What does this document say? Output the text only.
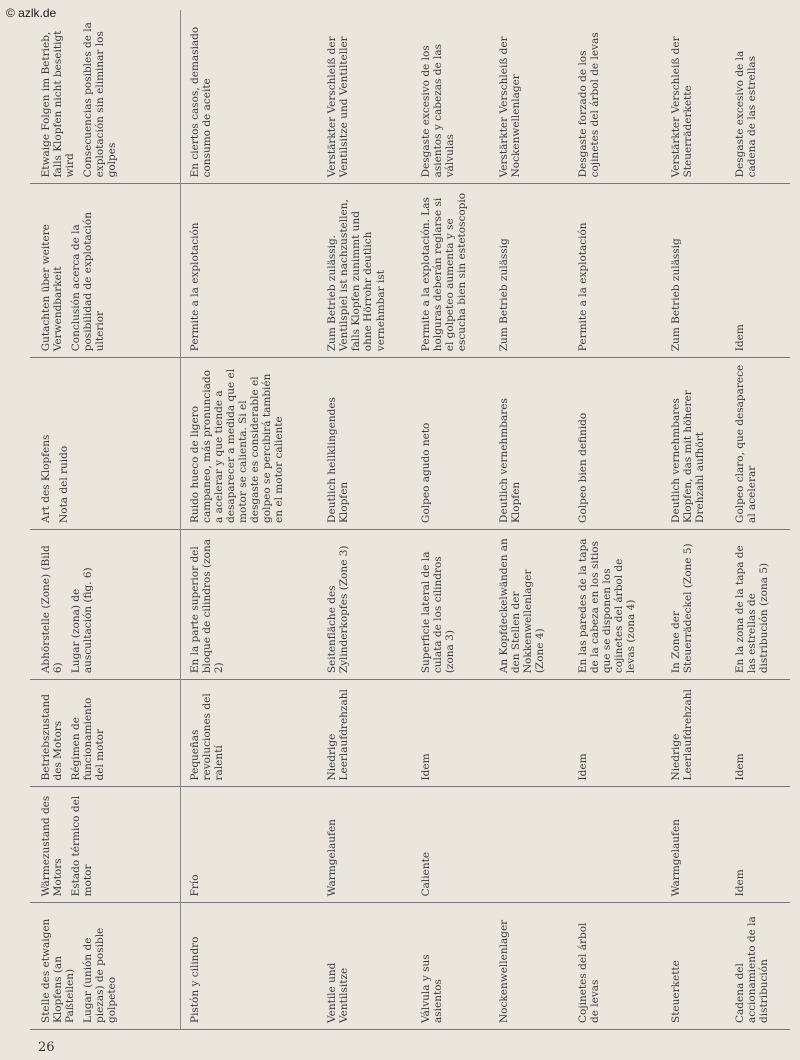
© azlk.de
26
Stelle des etwaigen Klopfens (an Paßteilen) Lugar (unión de piezas) de posible golpeteo	Wärmezustand des Motors Estado térmico del motor	Betriebszustand des Motors Régimen de funcionamiento del motor	Abhörstelle (Zone) (Bild 6) Lugar (zona) de auscultación (fig. 6)	Art des Klopfens Nota del ruido	Gutachten über weitere Verwendbarkeit Conclusión acerca de la posibilidad de explotación ulterior	Etwaige Folgen im Betrieb, falls Klopfen nicht beseitigt wird Consecuencias posibles de la explotación sin eliminar los golpes

Pistón y cilindro	Frío	Pequeñas revoluciones del ralentí	En la parte superior del bloque de cilindros (zona 2)	Ruido hueco de ligero campaneo, más pronunciado a acelerar y que tiende a desaparecer a medida que el motor se calienta. Si el desgaste es considerable el golpeo se percibirá también en el motor caliente	Permite a la explotación	En ciertos casos, demasiado consumo de aceite
Ventile und Ventilsitze	Warmgelaufen	Niedrige Leerlaufdrehzahl	Seitenfläche des Zylinderkopfes (Zone 3)	Deutlich hellklingendes Klopfen	Zum Betrieb zulässig. Ventilspiel ist nachzustellen, falls Klopfen zunimmt und ohne Hörrohr deutlich vernehmbar ist	Verstärkter Verschleiß der Ventilsitze und Ventilteller
Válvula y sus asientos	Caliente	Idem	Superficie lateral de la culata de los cilindros (zona 3)	Golpeo agudo neto	Permite a la explotación. Las holguras deberán reglarse si el golpeteo aumenta y se escucha bien sin estetoscopio	Desgaste excesivo de los asientos y cabezas de las válvulas
Nockenwellenlager			An Kopfdeckelwänden an den Stellen der Nokkenwellenlager (Zone 4)	Deutlich vernehmbares Klopfen	Zum Betrieb zulässig	Verstärkter Verschleiß der Nockenwellenlager
Cojinetes del árbol de levas		Idem	En las paredes de la tapa de la cabeza en los sitios que se disponen los cojinetes del árbol de levas (zona 4)	Golpeo bien definido	Permite a la explotación	Desgaste forzado de los cojinetes del árbol de levas
Steuerkette	Warmgelaufen	Niedrige Leerlaufdrehzahl	In Zone der Steuerrädeckel (Zone 5)	Deutlich vernehmbares Klopfen, das mit höherer Drehzahl aufhört	Zum Betrieb zulässig	Verstärkter Verschleiß der Steuerräderkette
Cadena del accionamiento de la distribución	Idem	Idem	En la zona de la tapa de las estrellas de distribución (zona 5)	Golpeo claro, que desaparece al acelerar	Idem	Desgaste excesivo de la cadena de las estrellas
